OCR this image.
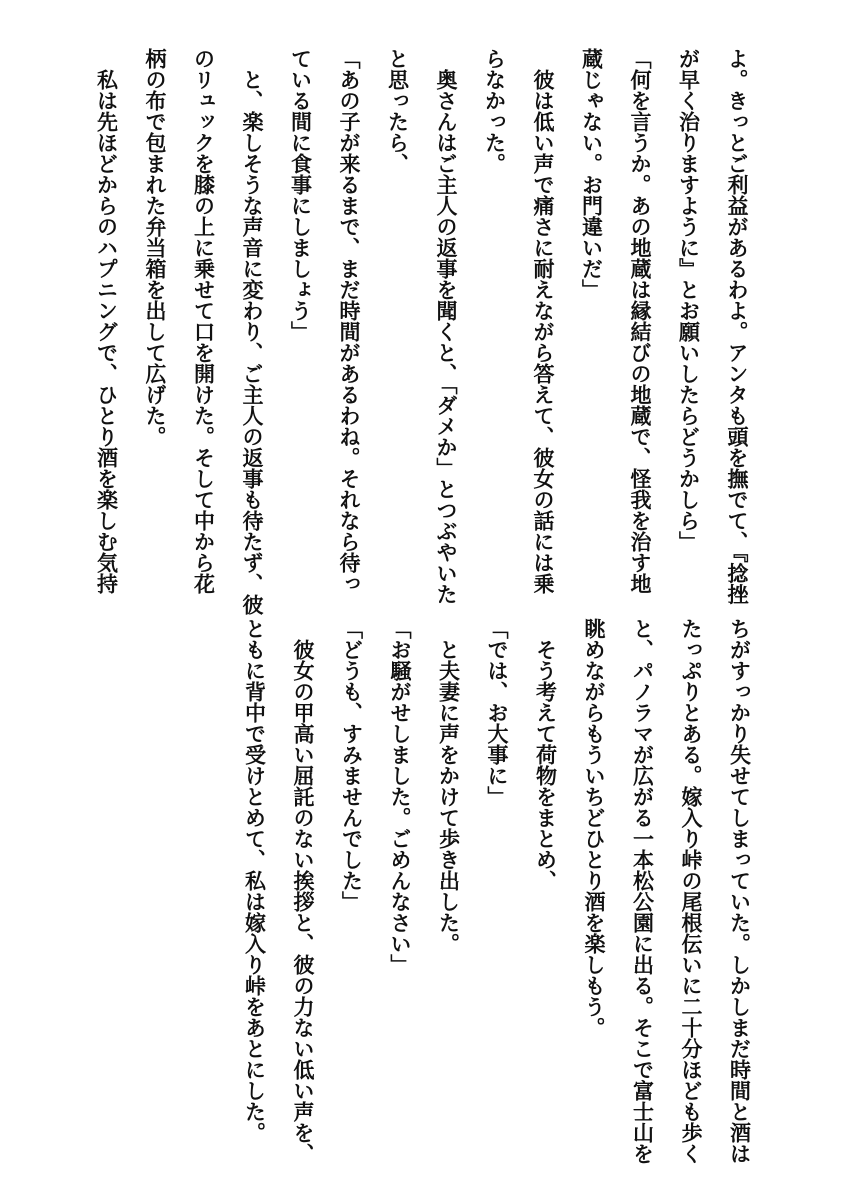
よ。きっとご利益があるわよ。アンタも頭を撫でて、『捻挫

が早く治りますように』とお願いしたらどうかしら」

「何を言うか。あの地蔵は縁結びの地蔵で、怪我を治す地

蔵じゃない。お門違いだ」

　彼は低い声で痛さに耐えながら答えて、彼女の話には乗

らなかった。

　奥さんはご主人の返事を聞くと、「ダメか」とつぶやいた

と思ったら、

「あの子が来るまで、まだ時間があるわね。それなら待っ

ている間に食事にしましょう」

　と、楽しそうな声音に変わり、ご主人の返事も待たず、彼

のリュックを膝の上に乗せて口を開けた。そして中から花

柄の布で包まれた弁当箱を出して広げた。

　私は先ほどからのハプニングで、ひとり酒を楽しむ気持

ちがすっかり失せてしまっていた。しかしまだ時間と酒は

たっぷりとある。嫁入り峠の尾根伝いに二十分ほども歩く

と、パノラマが広がる一本松公園に出る。そこで富士山を

眺めながらもういちどひとり酒を楽しもう。

　そう考えて荷物をまとめ、

「では、お大事に」

　と夫妻に声をかけて歩き出した。

「お騒がせしました。ごめんなさい」

「どうも、すみませんでした」

　彼女の甲高い屈託のない挨拶と、彼の力ない低い声を、

ともに背中で受けとめて、私は嫁入り峠をあとにした。
